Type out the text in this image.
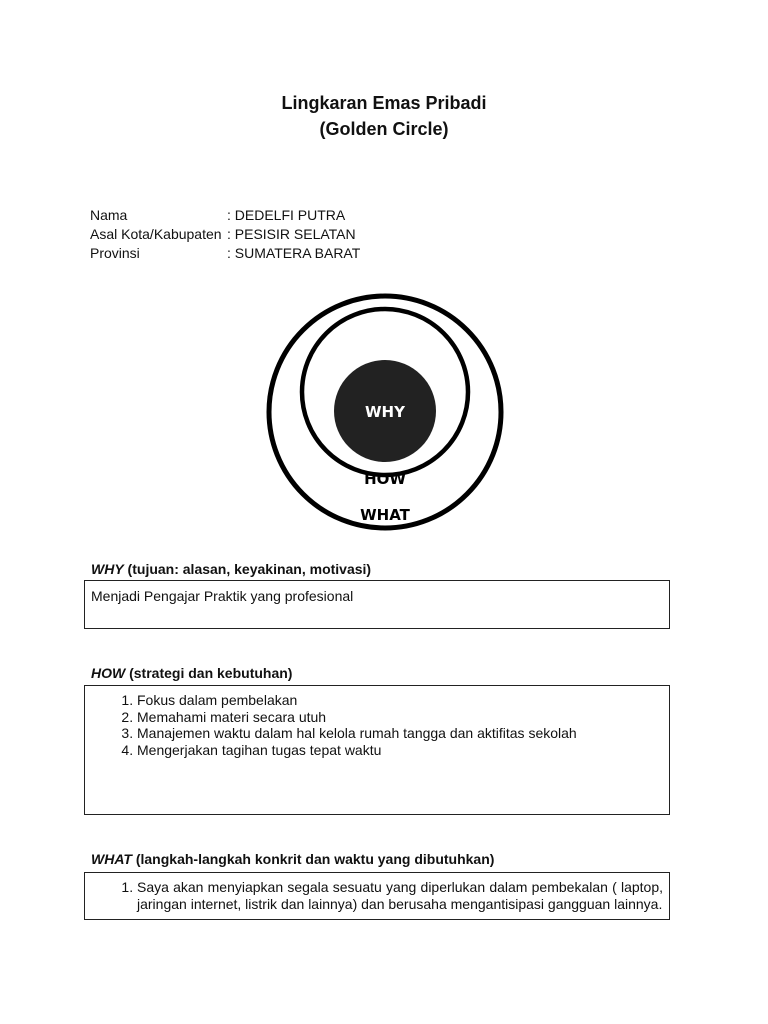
Lingkaran Emas Pribadi
(Golden Circle)
Nama	: DEDELFI PUTRA
Asal Kota/Kabupaten : PESISIR SELATAN
Provinsi	: SUMATERA BARAT
WHY
HOW
WHAT
WHY (tujuan: alasan, keyakinan, motivasi)
Menjadi Pengajar Praktik yang profesional
HOW (strategi dan kebutuhan)
1. Fokus dalam pembelakan
2. Memahami materi secara utuh
3. Manajemen waktu dalam hal kelola rumah tangga dan aktifitas sekolah
4. Mengerjakan tagihan tugas tepat waktu
WHAT (langkah-langkah konkrit dan waktu yang dibutuhkan)
1. Saya akan menyiapkan segala sesuatu yang diperlukan dalam pembekalan ( laptop, jaringan internet, listrik dan lainnya) dan berusaha mengantisipasi gangguan lainnya.
